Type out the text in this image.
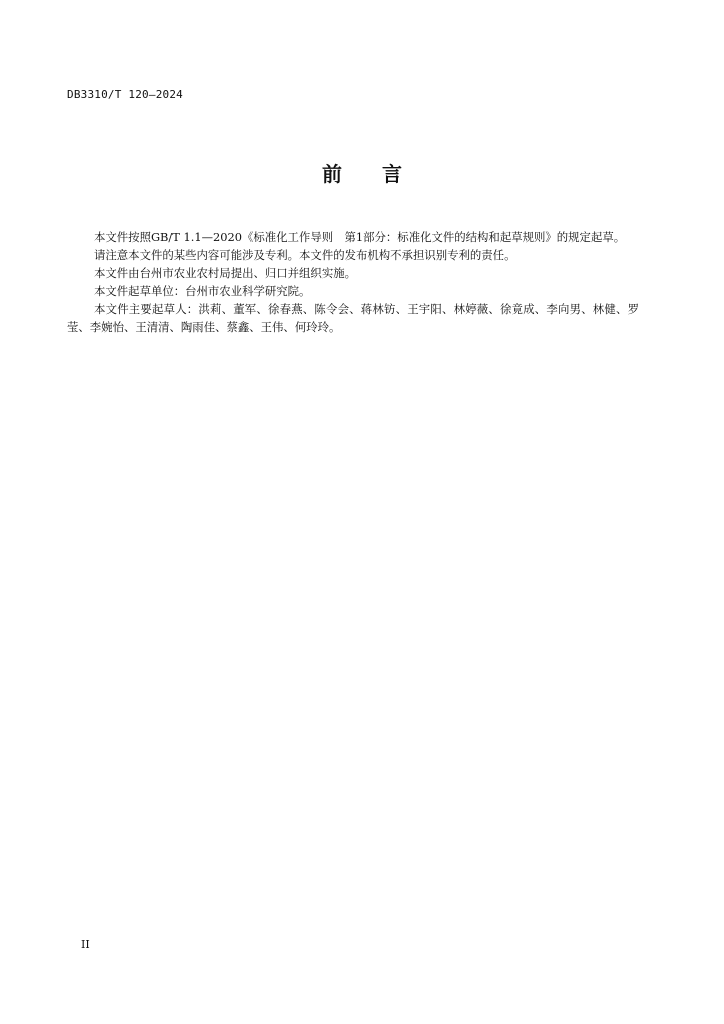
DB3310/T 120—2024
前 言

本文件按照GB/T 1.1—2020《标准化工作导则　第1部分：标准化文件的结构和起草规则》的规定起草。

请注意本文件的某些内容可能涉及专利。本文件的发布机构不承担识别专利的责任。

本文件由台州市农业农村局提出、归口并组织实施。

本文件起草单位：台州市农业科学研究院。

本文件主要起草人：洪莉、董军、徐春燕、陈令会、蒋林钫、王宇阳、林婷薇、徐竟成、李向男、林健、罗莹、李婉怡、王清清、陶雨佳、蔡鑫、王伟、何玲玲。

II
